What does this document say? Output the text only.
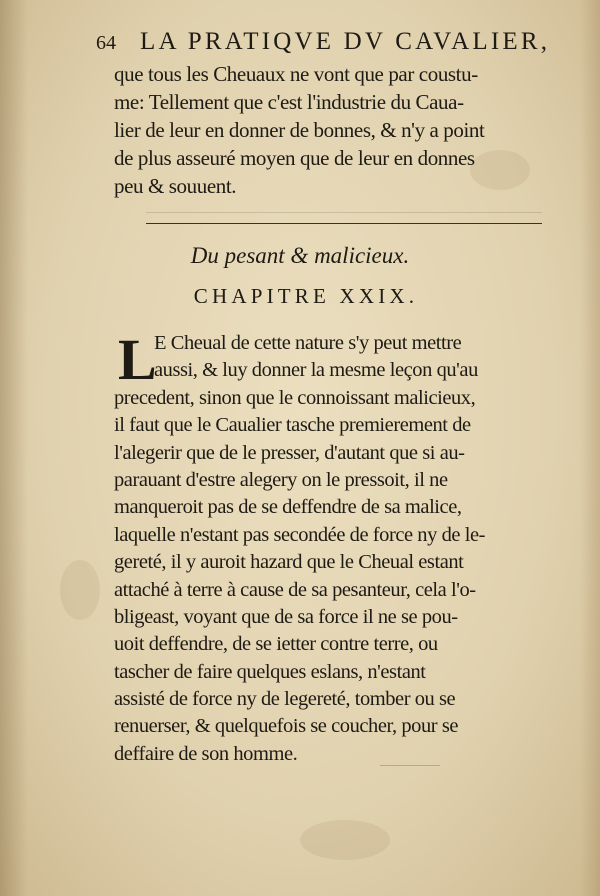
64 LA PRATIQVE DV CAVALIER,
que tous les Cheuaux ne vont que par coustu-
me: Tellement que c'est l'industrie du Caua-
lier de leur en donner de bonnes, & n'y a point
de plus asseuré moyen que de leur en donnes
peu & souuent.
Du pesant & malicieux.
CHAPITRE XXIX.
L
E Cheual de cette nature s'y peut mettre
aussi, & luy donner la mesme leçon qu'au
precedent, sinon que le connoissant malicieux,
il faut que le Caualier tasche premierement de
l'alegerir que de le presser, d'autant que si au-
parauant d'estre alegery on le pressoit, il ne
manqueroit pas de se deffendre de sa malice,
laquelle n'estant pas secondée de force ny de le-
gereté, il y auroit hazard que le Cheual estant
attaché à terre à cause de sa pesanteur, cela l'o-
bligeast, voyant que de sa force il ne se pou-
uoit deffendre, de se ietter contre terre, ou
tascher de faire quelques eslans, n'estant
assisté de force ny de legereté, tomber ou se
renuerser, & quelquefois se coucher, pour se
deffaire de son homme.
